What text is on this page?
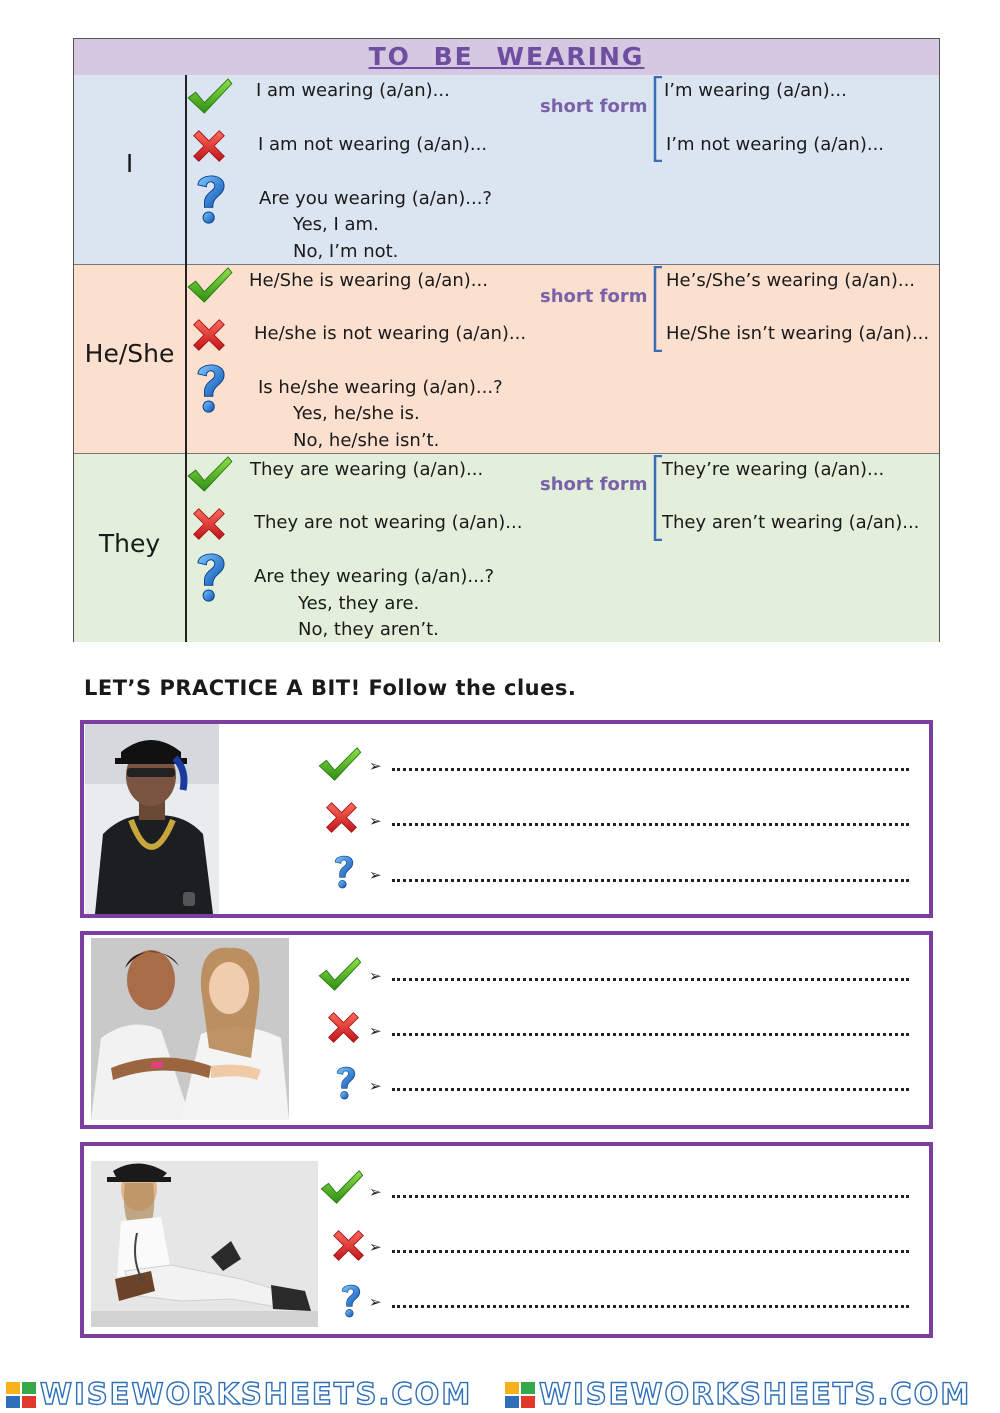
TO BE WEARING
I
I am wearing (a/an)...
I am not wearing (a/an)...
Are you wearing (a/an)...?
Yes, I am.
No, I’m not.
short form
I’m wearing (a/an)...
I’m not wearing (a/an)...
He/She
He/She is wearing (a/an)...
He/she is not wearing (a/an)...
Is he/she wearing (a/an)...?
Yes, he/she is.
No, he/she isn’t.
short form
He’s/She’s wearing (a/an)...
He/She isn’t wearing (a/an)...
They
They are wearing (a/an)...
They are not wearing (a/an)...
Are they wearing (a/an)...?
Yes, they are.
No, they aren’t.
short form
They’re wearing (a/an)...
They aren’t wearing (a/an)...
LET’S PRACTICE A BIT! Follow the clues.
➢
➢
➢
➢
➢
➢
➢
➢
➢
WISEWORKSHEETS.COM WISEWORKSHEETS.COM
